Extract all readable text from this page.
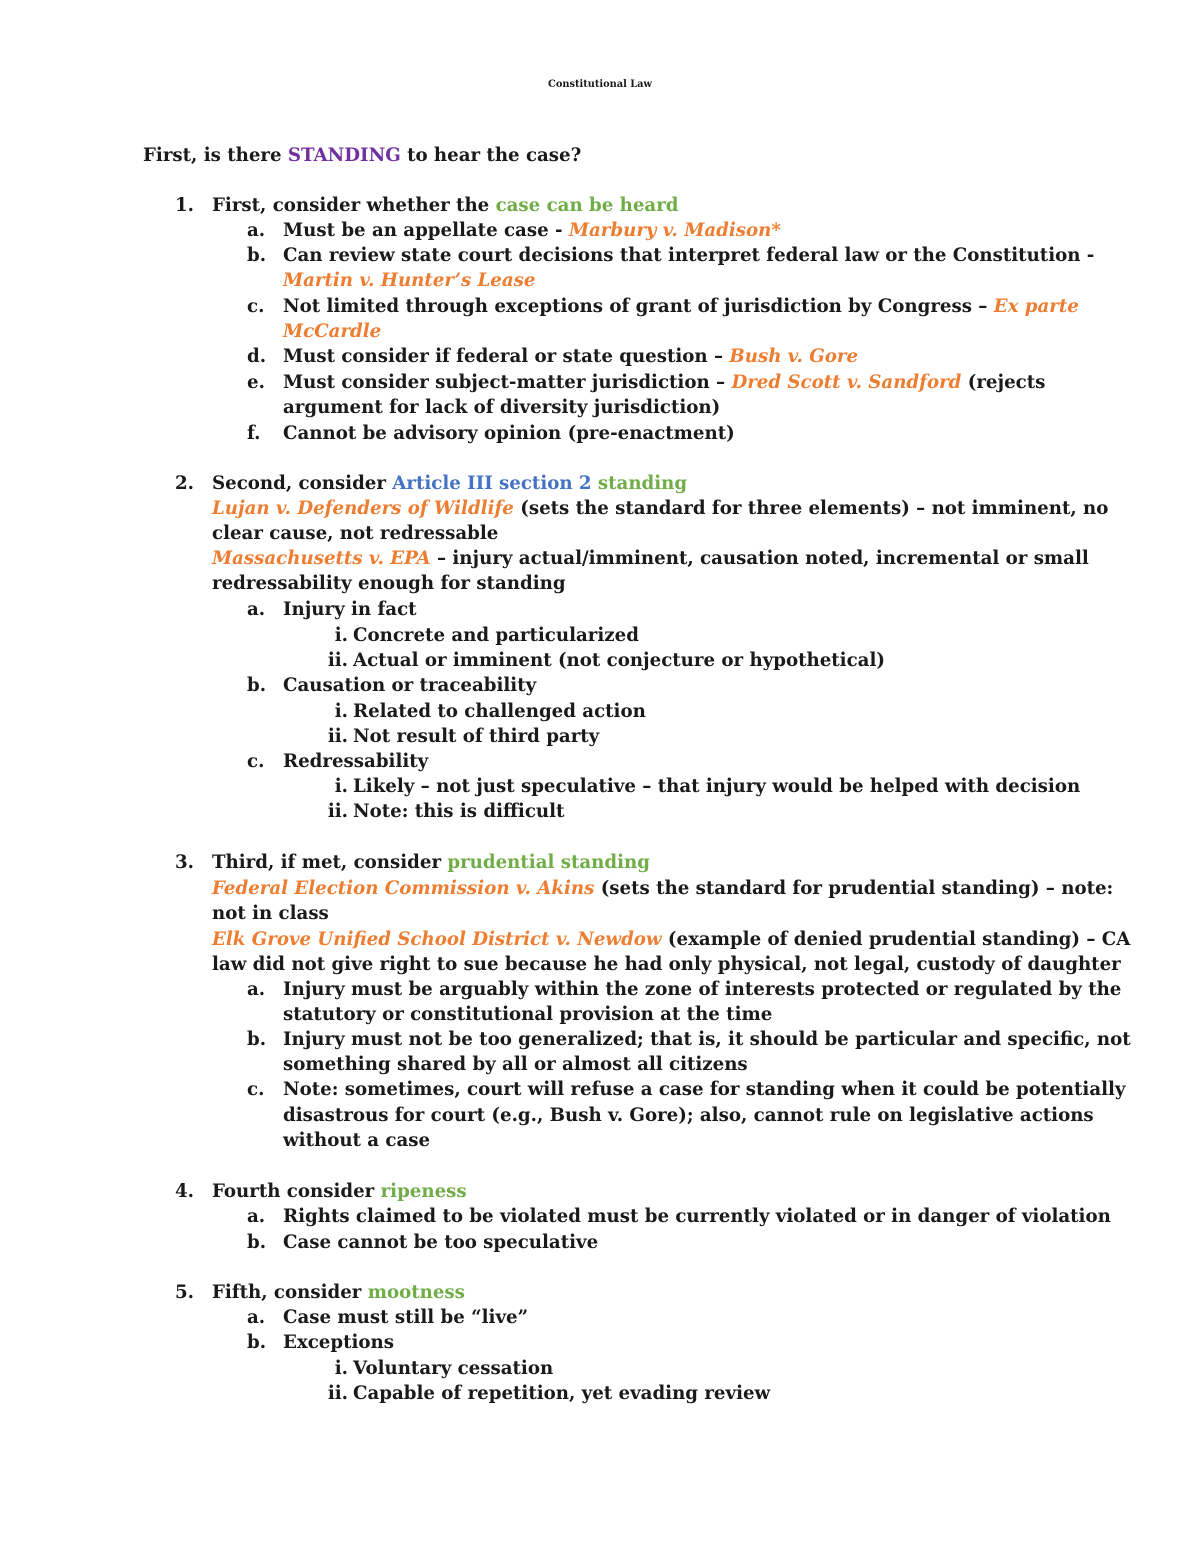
Constitutional Law
First, is there STANDING to hear the case?
1. First, consider whether the case can be heard
a. Must be an appellate case - Marbury v. Madison*
b. Can review state court decisions that interpret federal law or the Constitution -
Martin v. Hunter’s Lease
c. Not limited through exceptions of grant of jurisdiction by Congress – Ex parte
McCardle
d. Must consider if federal or state question – Bush v. Gore
e. Must consider subject-matter jurisdiction – Dred Scott v. Sandford (rejects
argument for lack of diversity jurisdiction)
f. Cannot be advisory opinion (pre-enactment)
2. Second, consider Article III section 2 standing
Lujan v. Defenders of Wildlife (sets the standard for three elements) – not imminent, no
clear cause, not redressable
Massachusetts v. EPA – injury actual/imminent, causation noted, incremental or small
redressability enough for standing
a. Injury in fact
i. Concrete and particularized
ii. Actual or imminent (not conjecture or hypothetical)
b. Causation or traceability
i. Related to challenged action
ii. Not result of third party
c. Redressability
i. Likely – not just speculative – that injury would be helped with decision
ii. Note: this is difficult
3. Third, if met, consider prudential standing
Federal Election Commission v. Akins (sets the standard for prudential standing) – note:
not in class
Elk Grove Unified School District v. Newdow (example of denied prudential standing) – CA
law did not give right to sue because he had only physical, not legal, custody of daughter
a. Injury must be arguably within the zone of interests protected or regulated by the
statutory or constitutional provision at the time
b. Injury must not be too generalized; that is, it should be particular and specific, not
something shared by all or almost all citizens
c. Note: sometimes, court will refuse a case for standing when it could be potentially
disastrous for court (e.g., Bush v. Gore); also, cannot rule on legislative actions
without a case
4. Fourth consider ripeness
a. Rights claimed to be violated must be currently violated or in danger of violation
b. Case cannot be too speculative
5. Fifth, consider mootness
a. Case must still be “live”
b. Exceptions
i. Voluntary cessation
ii. Capable of repetition, yet evading review
